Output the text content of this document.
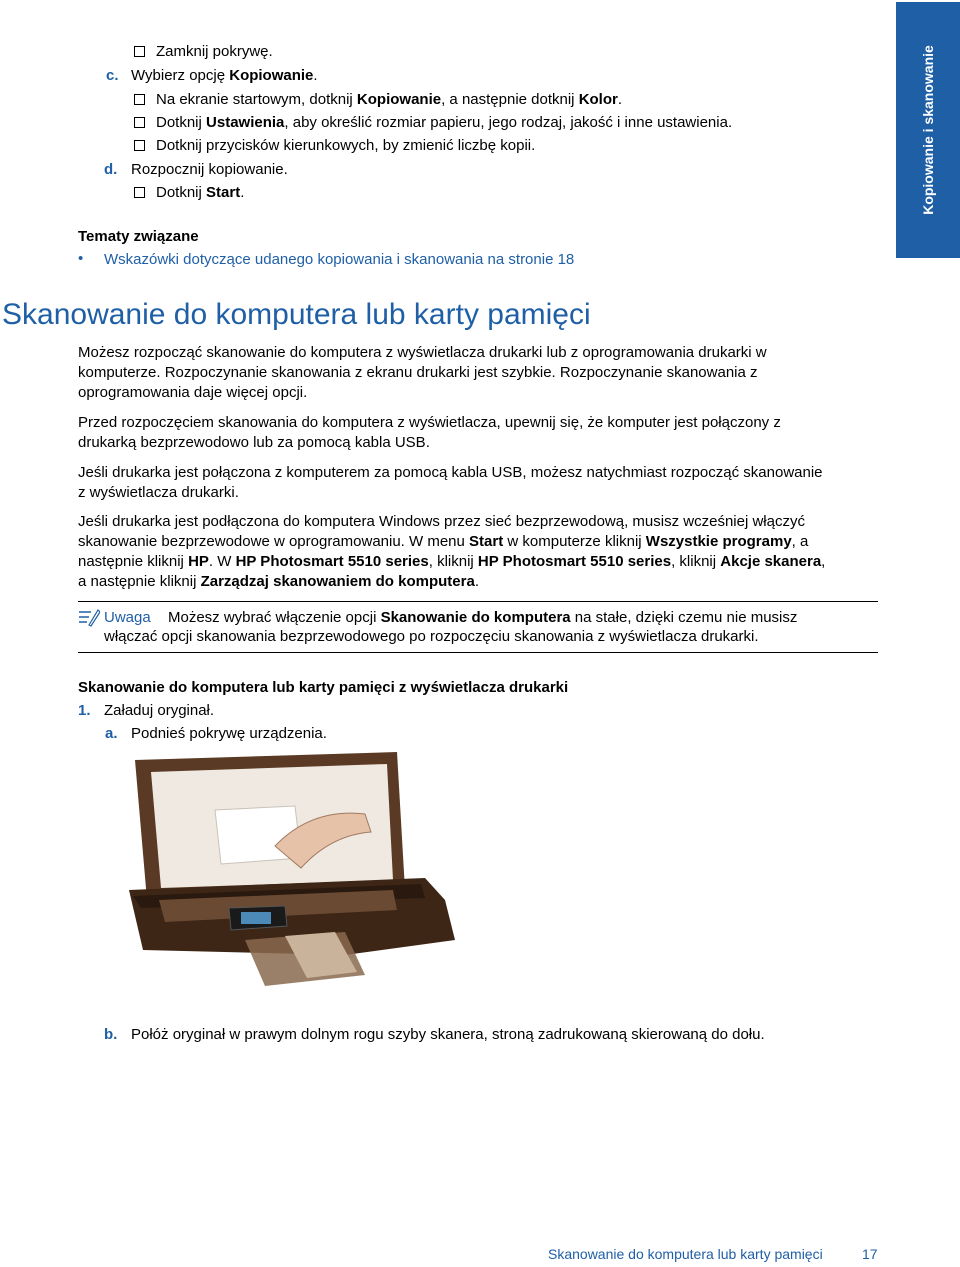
Kopiowanie i skanowanie
Zamknij pokrywę.
c. Wybierz opcję Kopiowanie.
Na ekranie startowym, dotknij Kopiowanie, a następnie dotknij Kolor.
Dotknij Ustawienia, aby określić rozmiar papieru, jego rodzaj, jakość i inne ustawienia.
Dotknij przycisków kierunkowych, by zmienić liczbę kopii.
d. Rozpocznij kopiowanie.
Dotknij Start.
Tematy związane
• Wskazówki dotyczące udanego kopiowania i skanowania na stronie 18
Skanowanie do komputera lub karty pamięci
Możesz rozpocząć skanowanie do komputera z wyświetlacza drukarki lub z oprogramowania drukarki w
komputerze. Rozpoczynanie skanowania z ekranu drukarki jest szybkie. Rozpoczynanie skanowania z
oprogramowania daje więcej opcji.
Przed rozpoczęciem skanowania do komputera z wyświetlacza, upewnij się, że komputer jest połączony z
drukarką bezprzewodowo lub za pomocą kabla USB.
Jeśli drukarka jest połączona z komputerem za pomocą kabla USB, możesz natychmiast rozpocząć skanowanie
z wyświetlacza drukarki.
Jeśli drukarka jest podłączona do komputera Windows przez sieć bezprzewodową, musisz wcześniej włączyć
skanowanie bezprzewodowe w oprogramowaniu. W menu Start w komputerze kliknij Wszystkie programy, a
następnie kliknij HP. W HP Photosmart 5510 series, kliknij HP Photosmart 5510 series, kliknij Akcje skanera,
a następnie kliknij Zarządzaj skanowaniem do komputera.
Uwaga Możesz wybrać włączenie opcji Skanowanie do komputera na stałe, dzięki czemu nie musisz
włączać opcji skanowania bezprzewodowego po rozpoczęciu skanowania z wyświetlacza drukarki.
Skanowanie do komputera lub karty pamięci z wyświetlacza drukarki
1. Załaduj oryginał.
a. Podnieś pokrywę urządzenia.
b. Połóż oryginał w prawym dolnym rogu szyby skanera, stroną zadrukowaną skierowaną do dołu.
Skanowanie do komputera lub karty pamięci	17
